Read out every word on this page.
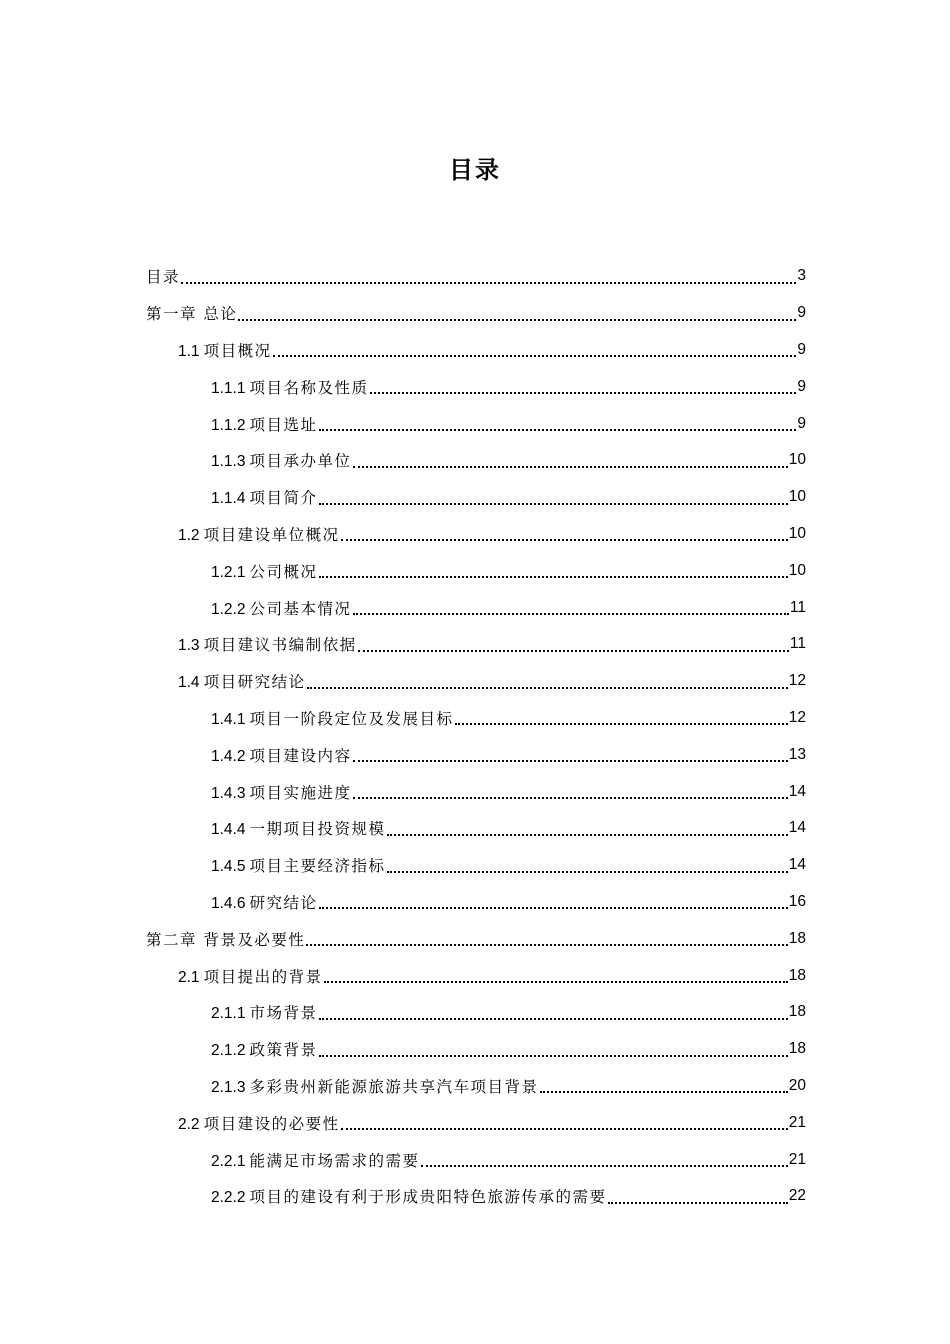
目录
目录	3
第一章 总论	9
1.1 项目概况	9
1.1.1 项目名称及性质	9
1.1.2 项目选址	9
1.1.3 项目承办单位	10
1.1.4 项目简介	10
1.2 项目建设单位概况	10
1.2.1 公司概况	10
1.2.2 公司基本情况	11
1.3 项目建议书编制依据	11
1.4 项目研究结论	12
1.4.1 项目一阶段定位及发展目标	12
1.4.2 项目建设内容	13
1.4.3 项目实施进度	14
1.4.4 一期项目投资规模	14
1.4.5 项目主要经济指标	14
1.4.6 研究结论	16
第二章 背景及必要性	18
2.1 项目提出的背景	18
2.1.1 市场背景	18
2.1.2 政策背景	18
2.1.3 多彩贵州新能源旅游共享汽车项目背景	20
2.2 项目建设的必要性	21
2.2.1 能满足市场需求的需要	21
2.2.2 项目的建设有利于形成贵阳特色旅游传承的需要	22
